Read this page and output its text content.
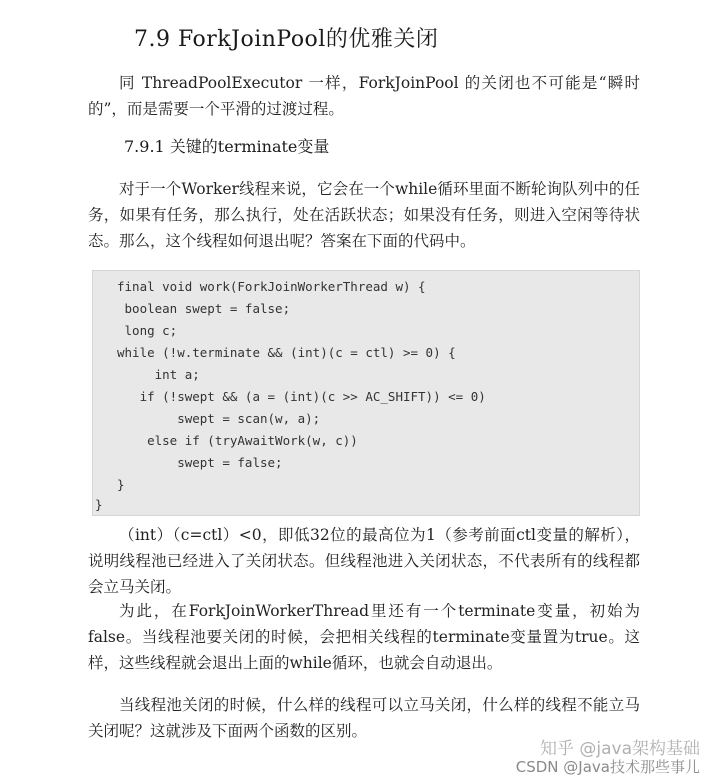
7.9 ForkJoinPool的优雅关闭
同 ThreadPoolExecutor 一样，ForkJoinPool 的关闭也不可能是“瞬时的”，而是需要一个平滑的过渡过程。
7.9.1 关键的terminate变量
对于一个Worker线程来说，它会在一个while循环里面不断轮询队列中的任务，如果有任务，那么执行，处在活跃状态；如果没有任务，则进入空闲等待状态。那么，这个线程如何退出呢？答案在下面的代码中。
final void work(ForkJoinWorkerThread w) {
boolean swept = false;
long c;
while (!w.terminate && (int)(c = ctl) >= 0) {
int a;
if (!swept && (a = (int)(c >> AC_SHIFT)) <= 0)
swept = scan(w, a);
else if (tryAwaitWork(w, c))
swept = false;
}
}
（int）（c=ctl）<0，即低32位的最高位为1（参考前面ctl变量的解析），说明线程池已经进入了关闭状态。但线程池进入关闭状态，不代表所有的线程都会立马关闭。
为此，在ForkJoinWorkerThread里还有一个terminate变量，初始为false。当线程池要关闭的时候，会把相关线程的terminate变量置为true。这样，这些线程就会退出上面的while循环，也就会自动退出。
当线程池关闭的时候，什么样的线程可以立马关闭，什么样的线程不能立马关闭呢？这就涉及下面两个函数的区别。
知乎 @java架构基础
CSDN @Java技术那些事儿
